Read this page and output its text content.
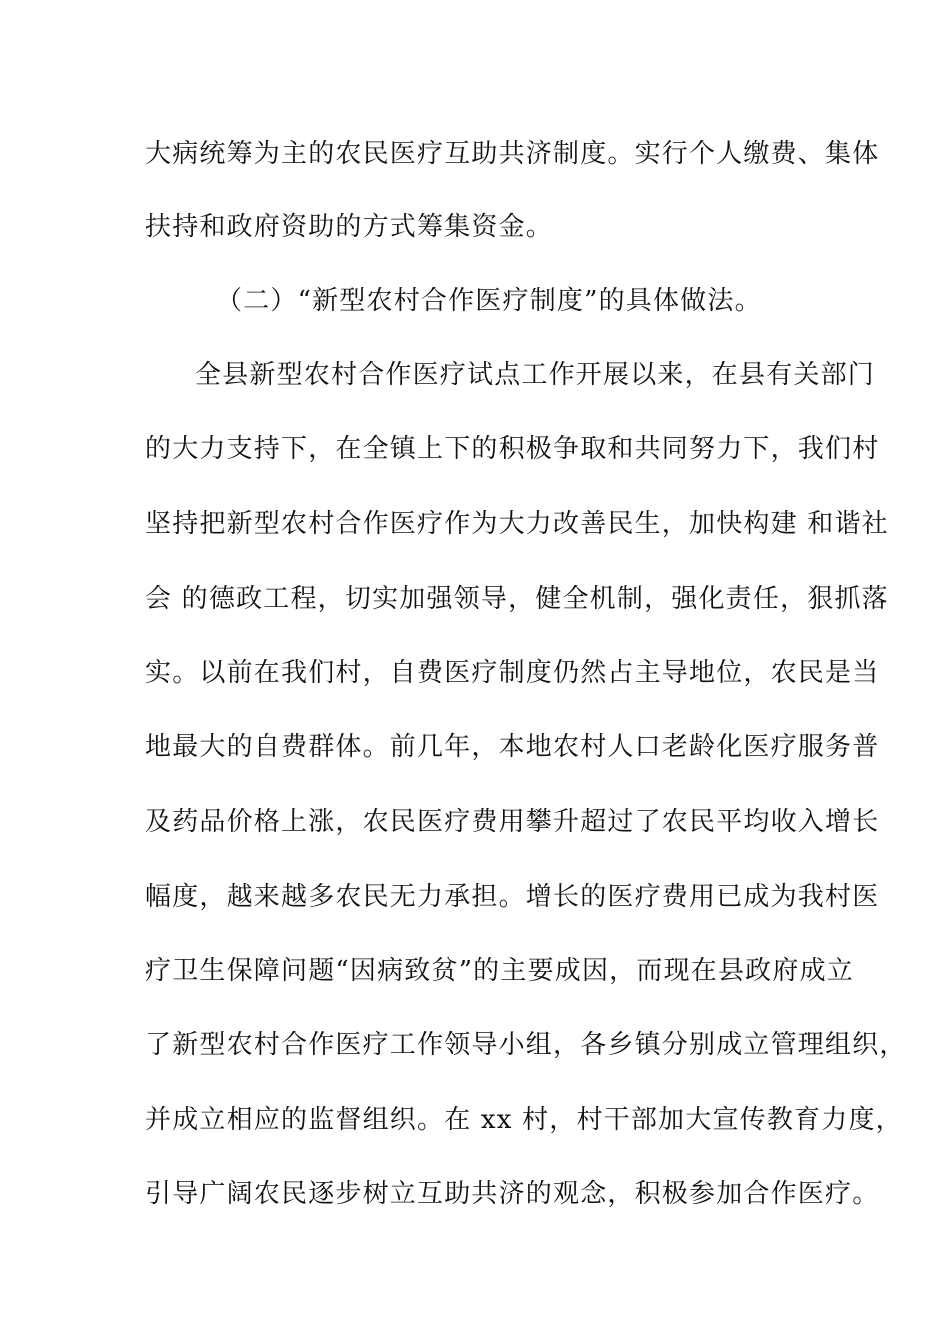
大病统筹为主的农民医疗互助共济制度。实行个人缴费、集体
扶持和政府资助的方式筹集资金。
（二）“新型农村合作医疗制度”的具体做法。
全县新型农村合作医疗试点工作开展以来，在县有关部门
的大力支持下，在全镇上下的积极争取和共同努力下，我们村
坚持把新型农村合作医疗作为大力改善民生，加快构建 和谐社
会 的德政工程，切实加强领导，健全机制，强化责任，狠抓落
实。以前在我们村，自费医疗制度仍然占主导地位，农民是当
地最大的自费群体。前几年，本地农村人口老龄化医疗服务普
及药品价格上涨，农民医疗费用攀升超过了农民平均收入增长
幅度，越来越多农民无力承担。增长的医疗费用已成为我村医
疗卫生保障问题“因病致贫”的主要成因，而现在县政府成立
了新型农村合作医疗工作领导小组，各乡镇分别成立管理组织，
并成立相应的监督组织。在 xx 村，村干部加大宣传教育力度，
引导广阔农民逐步树立互助共济的观念，积极参加合作医疗。
